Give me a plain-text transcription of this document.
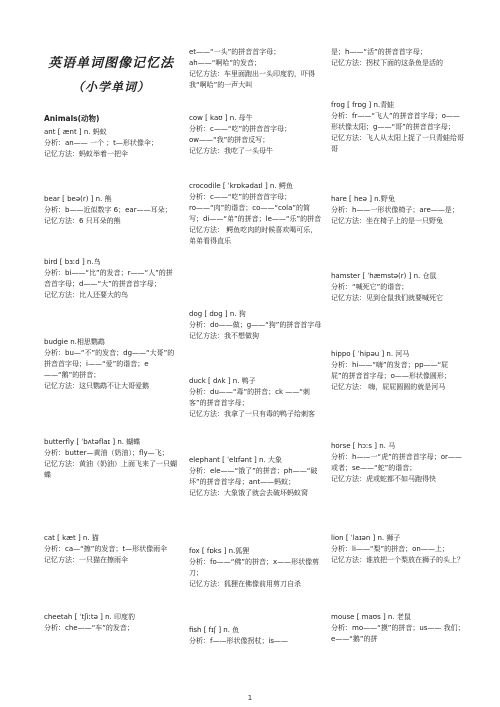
英语单词图像记忆法
（小学单词）
Animals(动物)
ant [ ænt ] n. 蚂蚁
分析：an—— 一个 ；t—形状像伞；
记忆方法：蚂蚁举着一把伞
bear [ beə(r) ] n. 熊
分析：b——近似数字 6；ear——耳朵；
记忆方法：6 只耳朵的熊
bird [ bɜːd ] n.鸟
分析：bi——“比”的发音；r——“人”的拼音首字母；d——“大”的拼音首字母；
记忆方法：比人还要大的鸟
budgie n.相思鹦鹉
分析：bu—“不”的发音；dg——“大哥”的拼音首字母；i——“爱”的谐音；e——“鹅”的拼音；
记忆方法：这只鹦鹉不让大哥爱鹅
butterfly [ ˈbʌtəflaɪ ] n. 蝴蝶
分析：butter—黄油（奶油）；fly—飞；
记忆方法：黄油（奶油）上面飞来了一只蝴蝶
cat [ kæt ] n. 猫
分析：ca—“擦”的发音；t—形状像雨伞
记忆方法：一只猫在擦雨伞
cheetah [ ˈtʃiːtə ] n. 印度豹
分析：che——“车”的发音；
et——“一头”的拼音首字母；
ah——“啊哈”的发音；
记忆方法：车里面跑出一头印度豹，吓得我“啊哈”的一声大叫
cow [ kaʊ ] n. 母牛
分析：c——“吃”的拼音首字母；
ow——“我”的拼音反写；
记忆方法：我吃了一头母牛
crocodile [ ˈkrɒkədaɪl ] n. 鳄鱼
分析：c——“吃”的拼音首字母；
ro——“肉”的谐音；co——“cola”的简写；di——“弟”的拼音；le——“乐”的拼音
记忆方法： 鳄鱼吃肉的时候喜欢喝可乐，弟弟看得直乐
dog [ dɒɡ ] n. 狗
分析：do——做；g——“狗”的拼音首字母
记忆方法：我不想做狗
duck [ dʌk ] n. 鸭子
分析：du——“毒”的拼音；ck ——“刺客”的拼音首字母；
记忆方法：我拿了一只有毒的鸭子给刺客
elephant [ ˈelɪfənt ] n. 大象
分析：ele——“饿了”的拼音；ph——“破坏”的拼音首字母；ant——蚂蚁；
记忆方法：大象饿了就会去破坏蚂蚁窝
fox [ fɒks ] n.狐狸
分析：fo——“佛”的拼音；x——形状像剪刀；
记忆方法：狐狸在佛像前用剪刀自杀
fish [ fɪʃ ] n. 鱼
分析：f——形状像拐杖；is——
是；h——“活”的拼音首字母；
记忆方法：拐杖下面的这条鱼是活的
frog [ frɒɡ ] n.青蛙
分析：fr——“飞人”的拼音首字母；o——形状像太阳；g——“哥”的拼音首字母；
记忆方法：飞人从太阳上捉了一只青蛙给哥哥
hare [ heə ] n.野兔
分析：h——一形状像椅子；are——是；
记忆方法：坐在椅子上的是一只野兔
hamster [ ˈhæmstə(r) ] n. 仓鼠
分析：“喊死它”的谐音；
记忆方法：见到仓鼠我们就要喊死它
hippo [ ˈhipəu ] n. 河马
分析：hi——“嗨”的发音；pp——“屁屁”的拼音首字母；o——形状像圆形；
记忆方法： 嗨，屁屁圆圆的就是河马
horse [ hɔːs ] n. 马
分析：h——一“虎”的拼音首字母；or——或者；se——“蛇”的谐音；
记忆方法：虎或蛇都不如马跑得快
lion [ ˈlaɪən ] n. 狮子
分析：li——“梨”的拼音；on——上；
记忆方法：谁放把一个梨放在狮子的头上？
mouse [ maʊs ] n. 老鼠
分析：mo——“摸”的拼音；us—— 我们；e——“鹅”的拼
1
